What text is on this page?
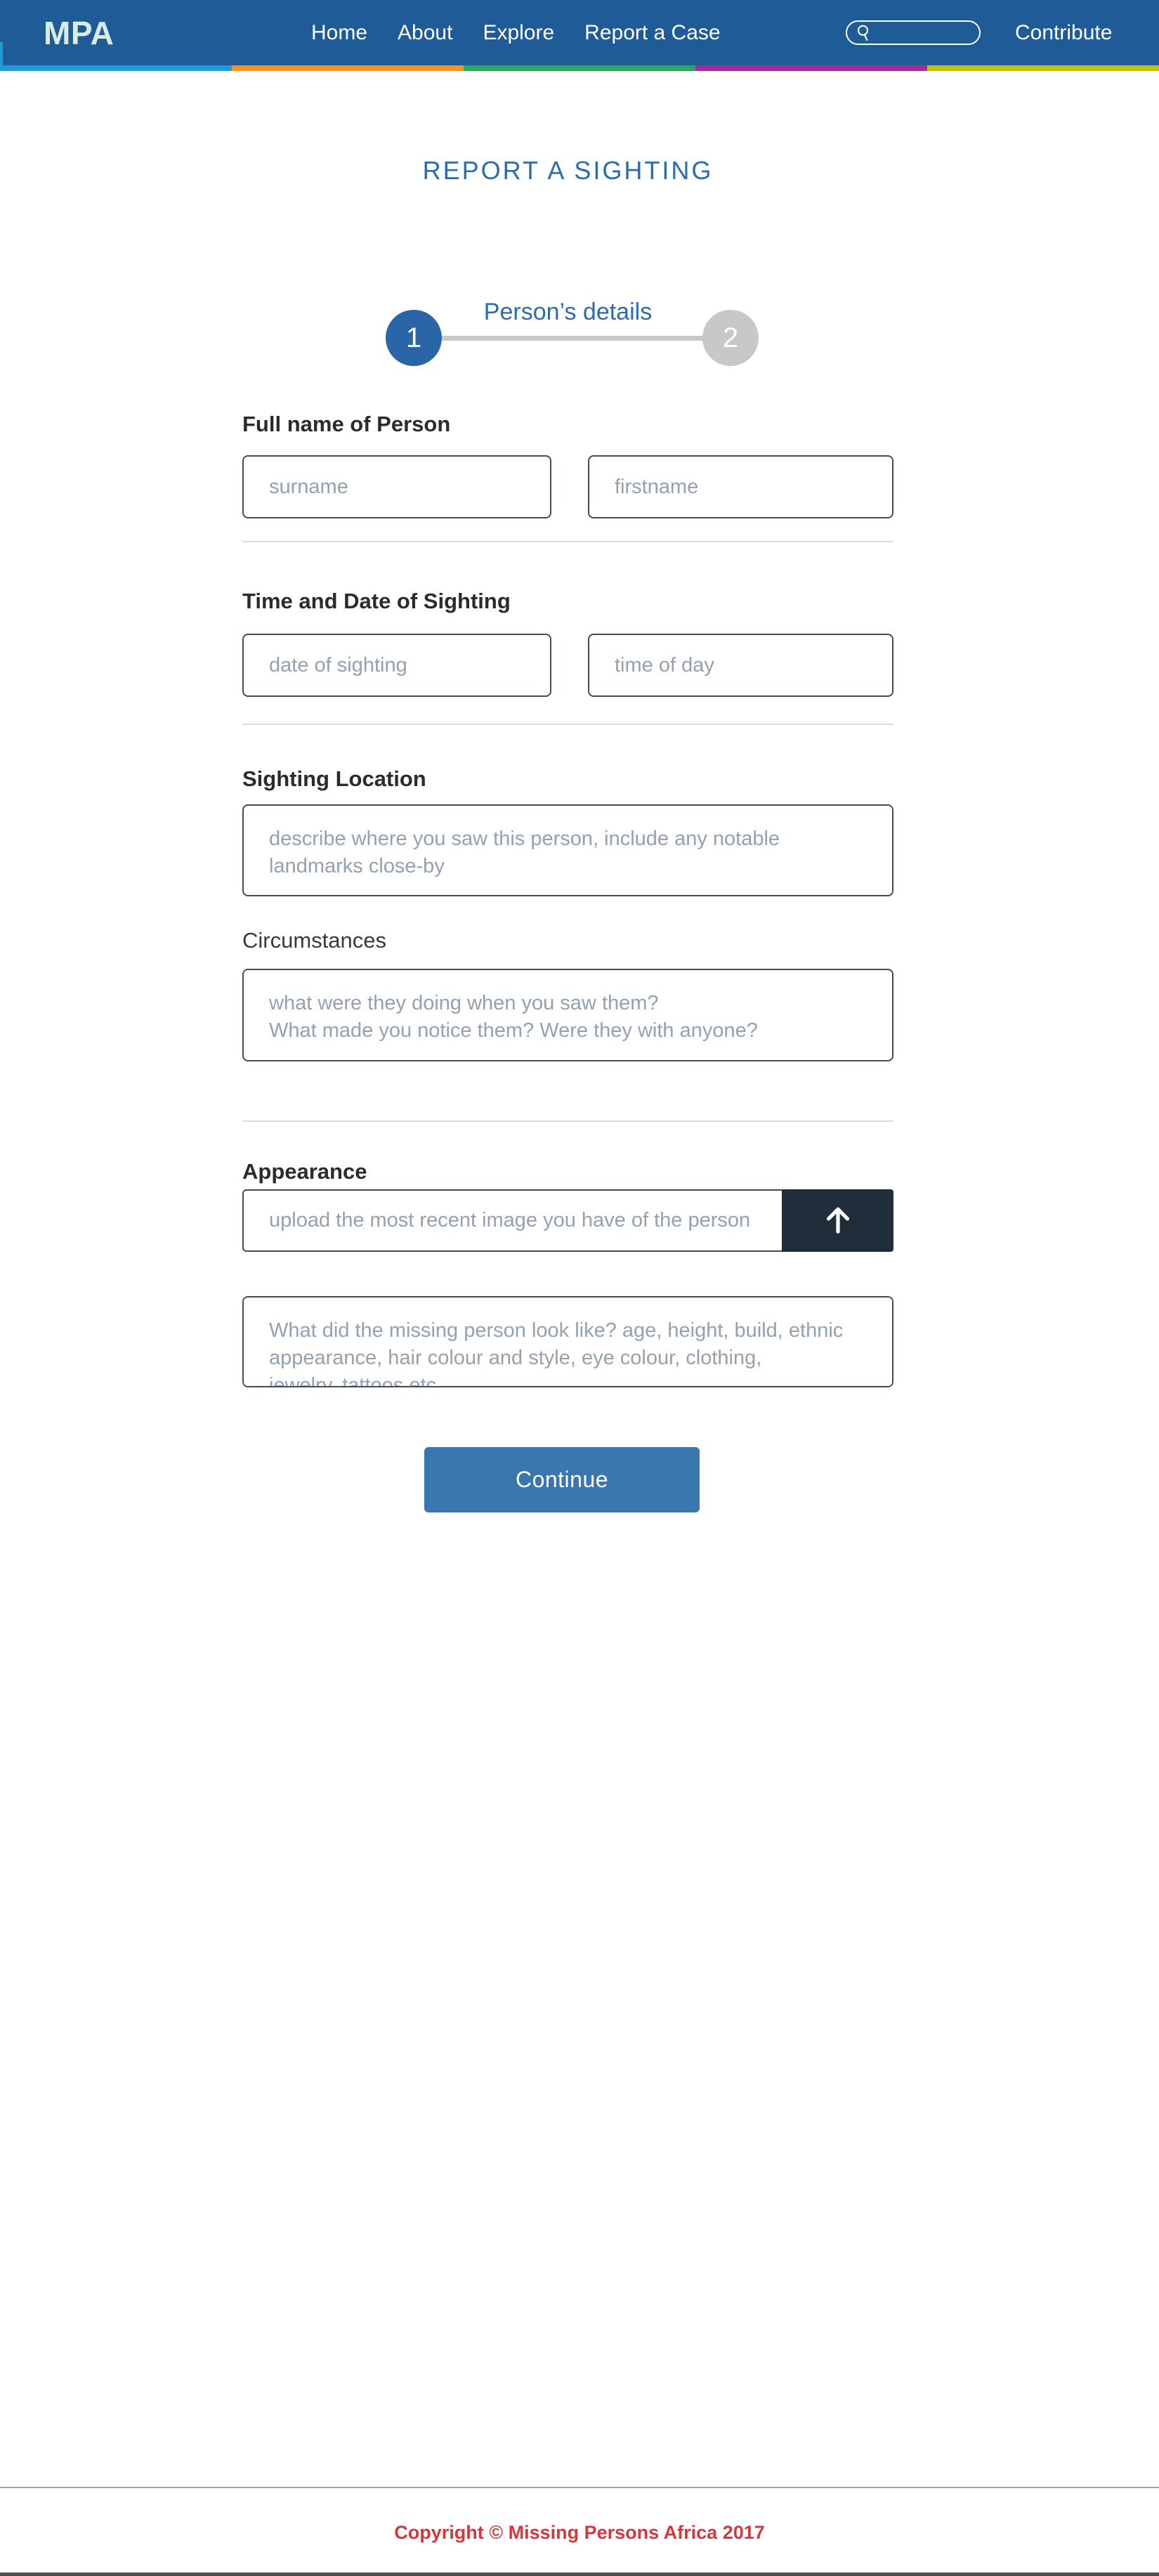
MPA	Home About Explore Report a Case	Contribute
REPORT A SIGHTING
Person’s details
1	2
Full name of Person
surname
firstname
Time and Date of Sighting
date of sighting
time of day
Sighting Location
describe where you saw this person, include any notable landmarks close-by
Circumstances
what were they doing when you saw them? What made you notice them? Were they with anyone?
Appearance
upload the most recent image you have of the person
What did the missing person look like? age, height, build, ethnic appearance, hair colour and style, eye colour, clothing, jewelry, tattoos etc.
Continue
Copyright © Missing Persons Africa 2017
